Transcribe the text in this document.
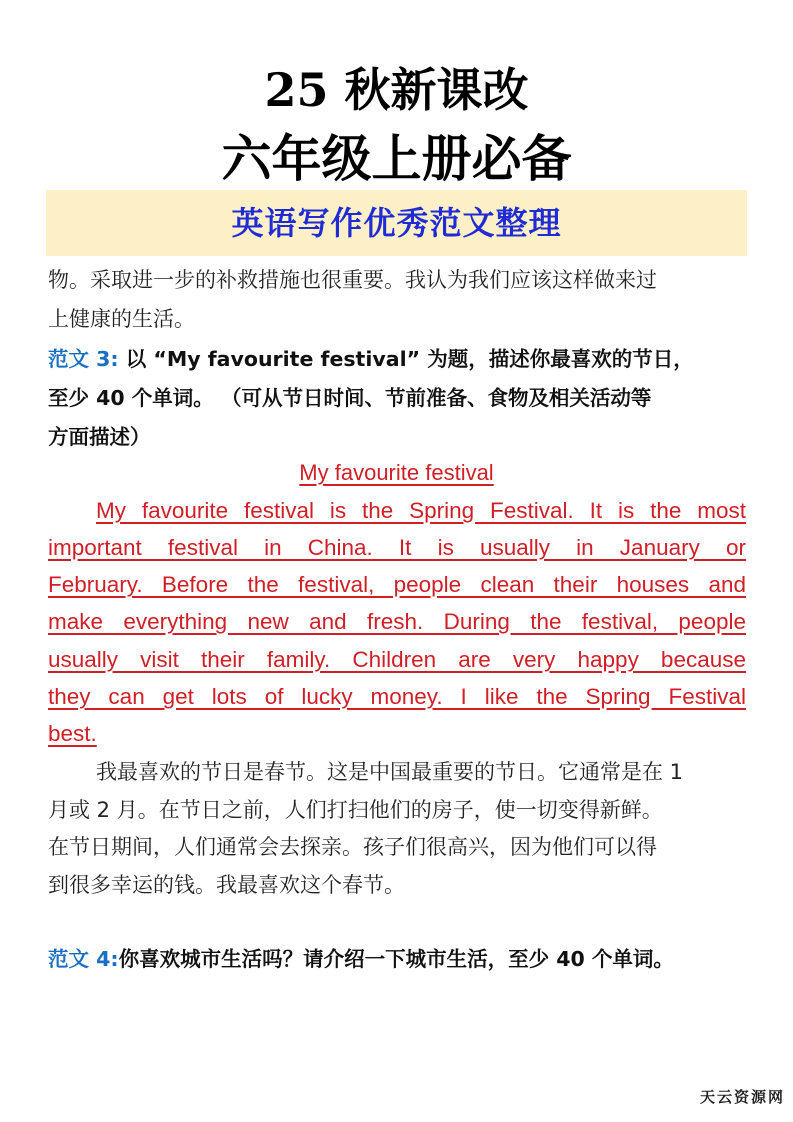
25 秋新课改
六年级上册必备
英语写作优秀范文整理
物。采取进一步的补救措施也很重要。我认为我们应该这样做来过
上健康的生活。
范文 3: 以 “My favourite festival” 为题，描述你最喜欢的节日，
至少 40 个单词。 （可从节日时间、节前准备、食物及相关活动等
方面描述）
My favourite festival
My favourite festival is the Spring Festival. It is the most
important festival in China. It is usually in January or
February. Before the festival, people clean their houses and
make everything new and fresh. During the festival, people
usually visit their family. Children are very happy because
they can get lots of lucky money. I like the Spring Festival
best.
我最喜欢的节日是春节。这是中国最重要的节日。它通常是在 1
月或 2 月。在节日之前，人们打扫他们的房子，使一切变得新鲜。
在节日期间，人们通常会去探亲。孩子们很高兴，因为他们可以得
到很多幸运的钱。我最喜欢这个春节。
范文 4:你喜欢城市生活吗？请介绍一下城市生活，至少 40 个单词。
天云资源网
